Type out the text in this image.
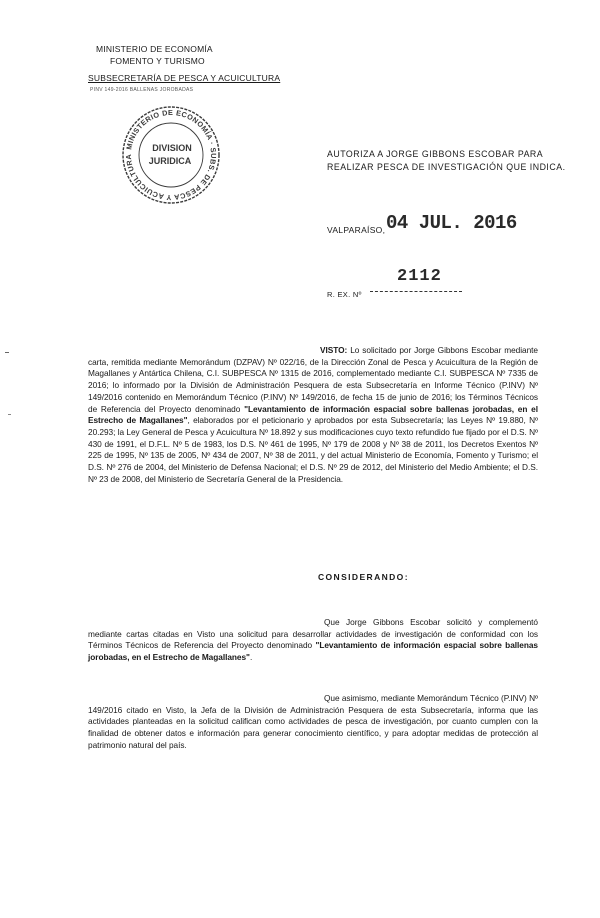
MINISTERIO DE ECONOMÍA
FOMENTO Y TURISMO
SUBSECRETARÍA DE PESCA Y ACUICULTURA
PINV 149-2016 BALLENAS JOROBADAS
MINISTERIO DE ECONOMÍA · SUBS. DE PESCA Y ACUICULTURA
DIVISION
JURIDICA
AUTORIZA A JORGE GIBBONS ESCOBAR PARA
REALIZAR PESCA DE INVESTIGACIÓN QUE INDICA.
VALPARAÍSO, 04 JUL. 2016
R. EX. Nº
2112

VISTO: Lo solicitado por Jorge Gibbons Escobar mediante carta, remitida mediante Memorándum (DZPAV) Nº 022/16, de la Dirección Zonal de Pesca y Acuicultura de la Región de Magallanes y Antártica Chilena, C.I. SUBPESCA Nº 1315 de 2016, complementado mediante C.I. SUBPESCA Nº 7335 de 2016; lo informado por la División de Administración Pesquera de esta Subsecretaría en Informe Técnico (P.INV) Nº 149/2016 contenido en Memorándum Técnico (P.INV) Nº 149/2016, de fecha 15 de junio de 2016; los Términos Técnicos de Referencia del Proyecto denominado "Levantamiento de información espacial sobre ballenas jorobadas, en el Estrecho de Magallanes", elaborados por el peticionario y aprobados por esta Subsecretaría; las Leyes Nº 19.880, Nº 20.293; la Ley General de Pesca y Acuicultura Nº 18.892 y sus modificaciones cuyo texto refundido fue fijado por el D.S. Nº 430 de 1991, el D.F.L. Nº 5 de 1983, los D.S. Nº 461 de 1995, Nº 179 de 2008 y Nº 38 de 2011, los Decretos Exentos Nº 225 de 1995, Nº 135 de 2005, Nº 434 de 2007, Nº 38 de 2011, y del actual Ministerio de Economía, Fomento y Turismo; el D.S. Nº 276 de 2004, del Ministerio de Defensa Nacional; el D.S. Nº 29 de 2012, del Ministerio del Medio Ambiente; el D.S. Nº 23 de 2008, del Ministerio de Secretaría General de la Presidencia.

CONSIDERANDO:

Que Jorge Gibbons Escobar solicitó y complementó mediante cartas citadas en Visto una solicitud para desarrollar actividades de investigación de conformidad con los Términos Técnicos de Referencia del Proyecto denominado "Levantamiento de información espacial sobre ballenas jorobadas, en el Estrecho de Magallanes".

Que asimismo, mediante Memorándum Técnico (P.INV) Nº 149/2016 citado en Visto, la Jefa de la División de Administración Pesquera de esta Subsecretaría, informa que las actividades planteadas en la solicitud califican como actividades de pesca de investigación, por cuanto cumplen con la finalidad de obtener datos e información para generar conocimiento científico, y para adoptar medidas de protección al patrimonio natural del país.
